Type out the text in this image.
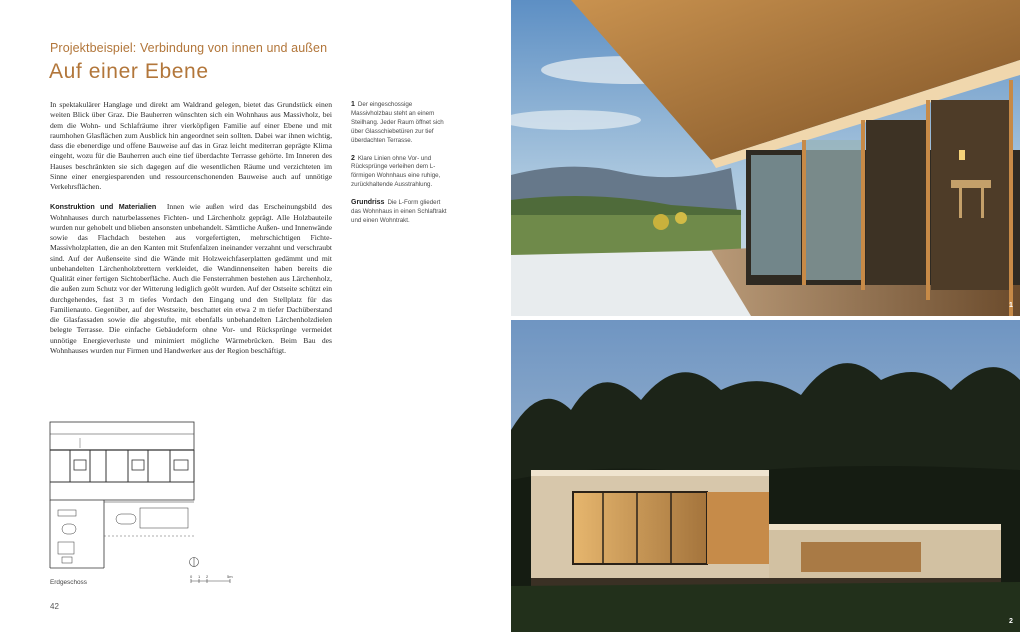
Projektbeispiel: Verbindung von innen und außen
Auf einer Ebene

In spektakulärer Hanglage und direkt am Waldrand gelegen, bietet das Grundstück einen weiten Blick über Graz. Die Bauherren wünschten sich ein Wohnhaus aus Massivholz, bei dem die Wohn- und Schlafräume ihrer vierköpfigen Familie auf einer Ebene und mit raumhohen Glasflächen zum Ausblick hin angeordnet sein sollten. Dabei war ihnen wichtig, dass die ebenerdige und offene Bauweise auf das in Graz leicht mediterran geprägte Klima eingeht, wozu für die Bauherren auch eine tief überdachte Terrasse gehörte. Im Inneren des Hauses beschränkten sie sich dagegen auf die wesentlichen Räume und verzichteten im Sinne einer energiesparenden und ressourcenschonenden Bauweise auch auf unnötige Verkehrsflächen.

Konstruktion und Materialien Innen wie außen wird das Erscheinungsbild des Wohnhauses durch naturbelassenes Fichten- und Lärchenholz geprägt. Alle Holzbauteile wurden nur gehobelt und blieben ansonsten unbehandelt. Sämtliche Außen- und Innenwände sowie das Flachdach bestehen aus vorgefertigten, mehrschichtigen Fichte-Massivholzplatten, die an den Kanten mit Stufenfalzen ineinander verzahnt und verschraubt sind. Auf der Außenseite sind die Wände mit Holzweichfaserplatten gedämmt und mit unbehandelten Lärchenholzbrettern verkleidet, die Wandinnenseiten haben bereits die Qualität einer fertigen Sichtoberfläche. Auch die Fensterrahmen bestehen aus Lärchenholz, die außen zum Schutz vor der Witterung lediglich geölt wurden. Auf der Ostseite schützt ein durchgehendes, fast 3 m tiefes Vordach den Eingang und den Stellplatz für das Familienauto. Gegenüber, auf der Westseite, beschattet ein etwa 2 m tiefer Dachüberstand die Glasfassaden sowie die abgestufte, mit ebenfalls unbehandelten Lärchenholzdielen belegte Terrasse. Die einfache Gebäudeform ohne Vor- und Rücksprünge vermeidet unnötige Energieverluste und minimiert mögliche Wärmebrücken. Beim Bau des Wohnhauses wurden nur Firmen und Handwerker aus der Region beschäftigt.

1 Der eingeschossige Massivholzbau steht an einem Steilhang. Jeder Raum öffnet sich über Glasschiebetüren zur tief überdachten Terrasse.
2 Klare Linien ohne Vor- und Rücksprünge verleihen dem L-förmigen Wohnhaus eine ruhige, zurückhaltende Ausstrahlung.
Grundriss Die L-Form gliedert das Wohnhaus in einen Schlaftrakt und einen Wohntrakt.
0 1 2	5m
Erdgeschoss
42
1
2
